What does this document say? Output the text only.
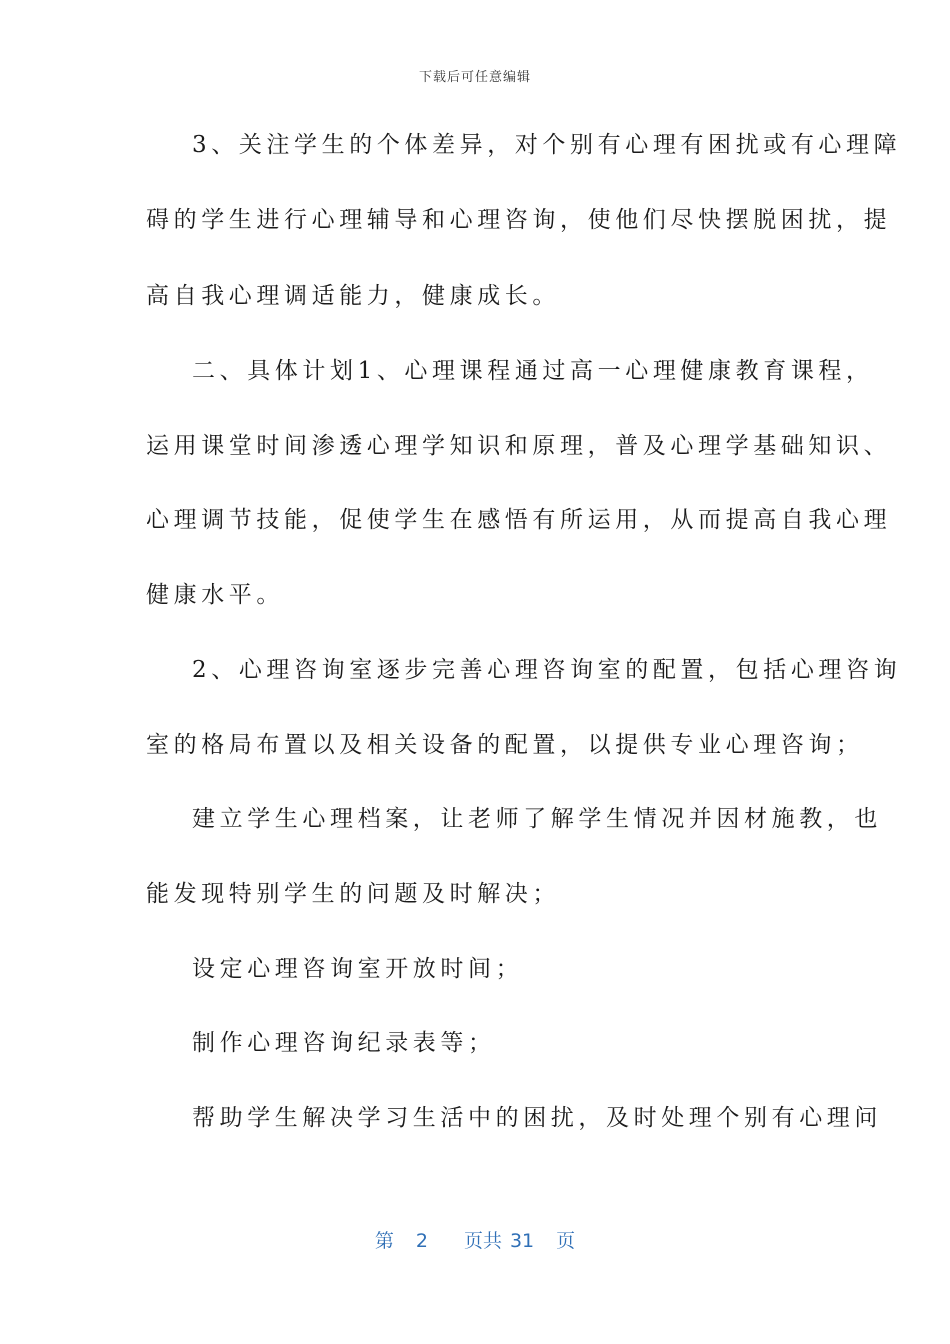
下载后可任意编辑
3、关注学生的个体差异，对个别有心理有困扰或有心理障
碍的学生进行心理辅导和心理咨询，使他们尽快摆脱困扰，提
高自我心理调适能力，健康成长。
二、具体计划1、心理课程通过高一心理健康教育课程，
运用课堂时间渗透心理学知识和原理，普及心理学基础知识、
心理调节技能，促使学生在感悟有所运用，从而提高自我心理
健康水平。
2、心理咨询室逐步完善心理咨询室的配置，包括心理咨询
室的格局布置以及相关设备的配置，以提供专业心理咨询；
建立学生心理档案，让老师了解学生情况并因材施教，也
能发现特别学生的问题及时解决；
设定心理咨询室开放时间；
制作心理咨询纪录表等；
帮助学生解决学习生活中的困扰，及时处理个别有心理问
第 2 页共 31 页
